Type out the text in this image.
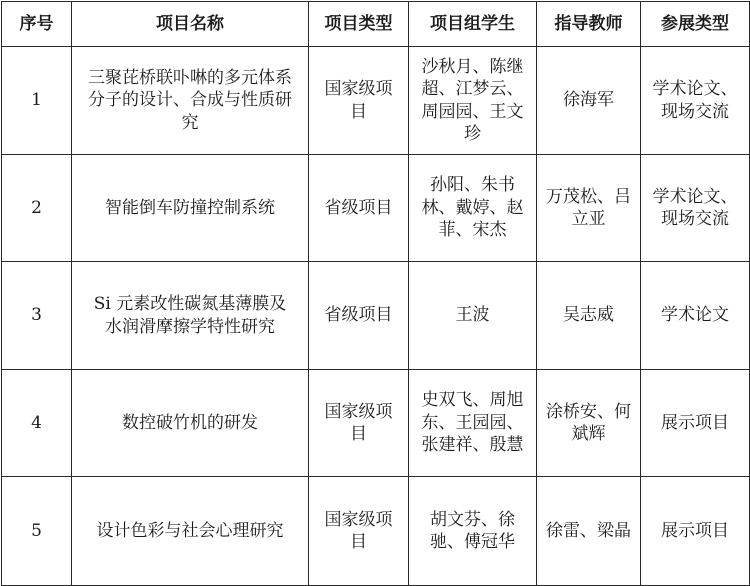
序号	项目名称	项目类型	项目组学生	指导教师	参展类型
1	三聚芘桥联卟啉的多元体系分子的设计、合成与性质研究	国家级项目	沙秋月、陈继超、江梦云、周园园、王文珍	徐海军	学术论文、现场交流
2	智能倒车防撞控制系统	省级项目	孙阳、朱书林、戴婷、赵菲、宋杰	万茂松、吕立亚	学术论文、现场交流
3	Si 元素改性碳氮基薄膜及水润滑摩擦学特性研究	省级项目	王波	吴志威	学术论文
4	数控破竹机的研发	国家级项目	史双飞、周旭东、王园园、张建祥、殷慧	涂桥安、何斌辉	展示项目
5	设计色彩与社会心理研究	国家级项目	胡文芬、徐驰、傅冠华	徐雷、梁晶	展示项目
